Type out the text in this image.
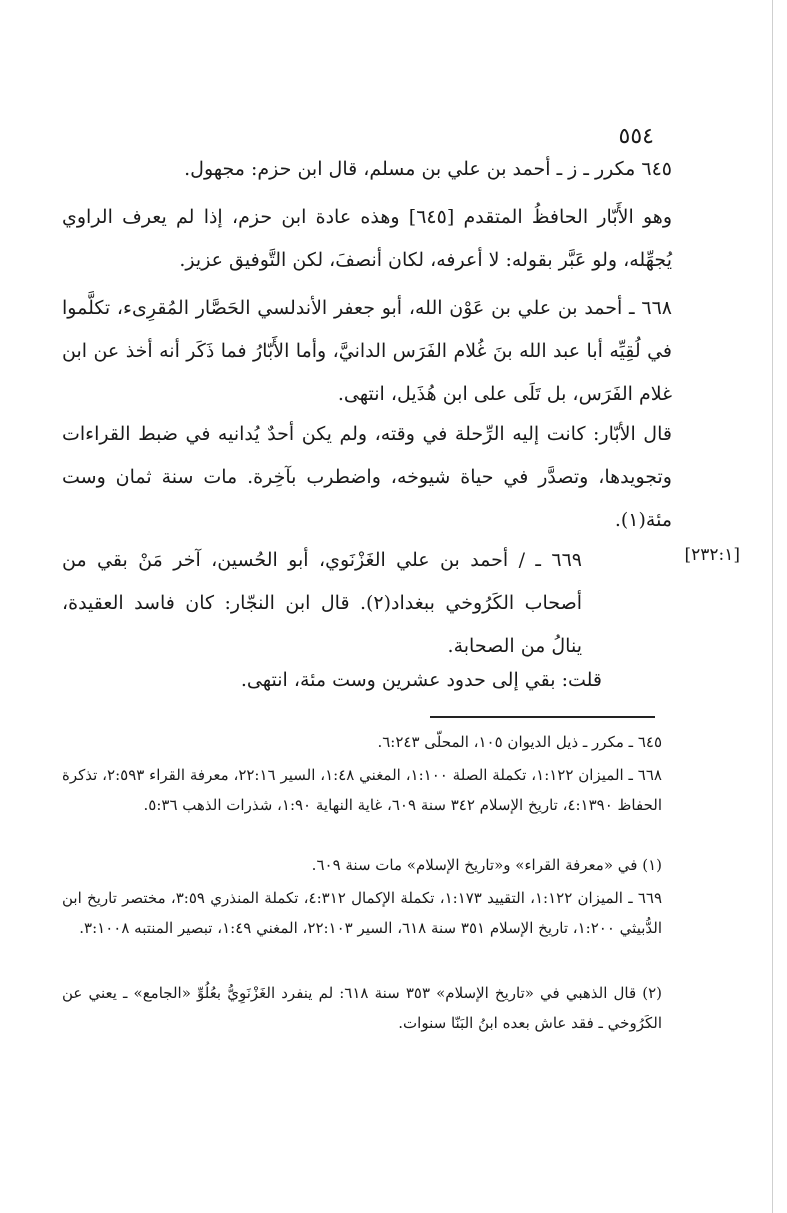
٥٥٤
٦٤٥ مكرر ـ ز ـ أحمد بن علي بن مسلم، قال ابن حزم: مجهول.
وهو الأَبّار الحافظُ المتقدم [٦٤٥] وهذه عادة ابن حزم، إذا لم يعرف الراوي يُجهِّله، ولو عَبَّر بقوله: لا أعرفه، لكان أنصفَ، لكن التَّوفيق عزيز.
٦٦٨ ـ أحمد بن علي بن عَوْن الله، أبو جعفر الأندلسي الحَصَّار المُقرِىء، تكلَّموا في لُقِيِّه أبا عبد الله بنَ غُلام الفَرَس الدانيَّ، وأما الأَبّارُ فما ذَكَر أنه أخذ عن ابن غلام الفَرَس، بل تَلَى على ابن هُذَيل، انتهى.
قال الأبّار: كانت إليه الرِّحلة في وقته، ولم يكن أحدٌ يُدانيه في ضبط القراءات وتجويدها، وتصدَّر في حياة شيوخه، واضطرب بآخِرة. مات سنة ثمان وست مئة(١).
[٢٣٢:١]
٦٦٩ ـ / أحمد بن علي الغَزْنَوي، أبو الحُسين، آخر مَنْ بقي من أصحاب الكَرُوخي ببغداد(٢). قال ابن النجّار: كان فاسد العقيدة، ينالُ من الصحابة.
قلت: بقي إلى حدود عشرين وست مئة، انتهى.
٦٤٥ ـ مكرر ـ ذيل الديوان ١٠٥، المحلّى ٦:٢٤٣.
٦٦٨ ـ الميزان ١:١٢٢، تكملة الصلة ١:١٠٠، المغني ١:٤٨، السير ٢٢:١٦، معرفة القراء ٢:٥٩٣، تذكرة الحفاظ ٤:١٣٩٠، تاريخ الإسلام ٣٤٢ سنة ٦٠٩، غاية النهاية ١:٩٠، شذرات الذهب ٥:٣٦.
(١) في «معرفة القراء» و«تاريخ الإسلام» مات سنة ٦٠٩.
٦٦٩ ـ الميزان ١:١٢٢، التقييد ١:١٧٣، تكملة الإكمال ٤:٣١٢، تكملة المنذري ٣:٥٩، مختصر تاريخ ابن الدُّبيثي ١:٢٠٠، تاريخ الإسلام ٣٥١ سنة ٦١٨، السير ٢٢:١٠٣، المغني ١:٤٩، تبصير المنتبه ٣:١٠٠٨.
(٢) قال الذهبي في «تاريخ الإسلام» ٣٥٣ سنة ٦١٨: لم ينفرد الغَزْنَوِيُّ بعُلُوِّ «الجامع» ـ يعني عن الكَرُوخي ـ فقد عاش بعده ابنُ البَنّا سنوات.
